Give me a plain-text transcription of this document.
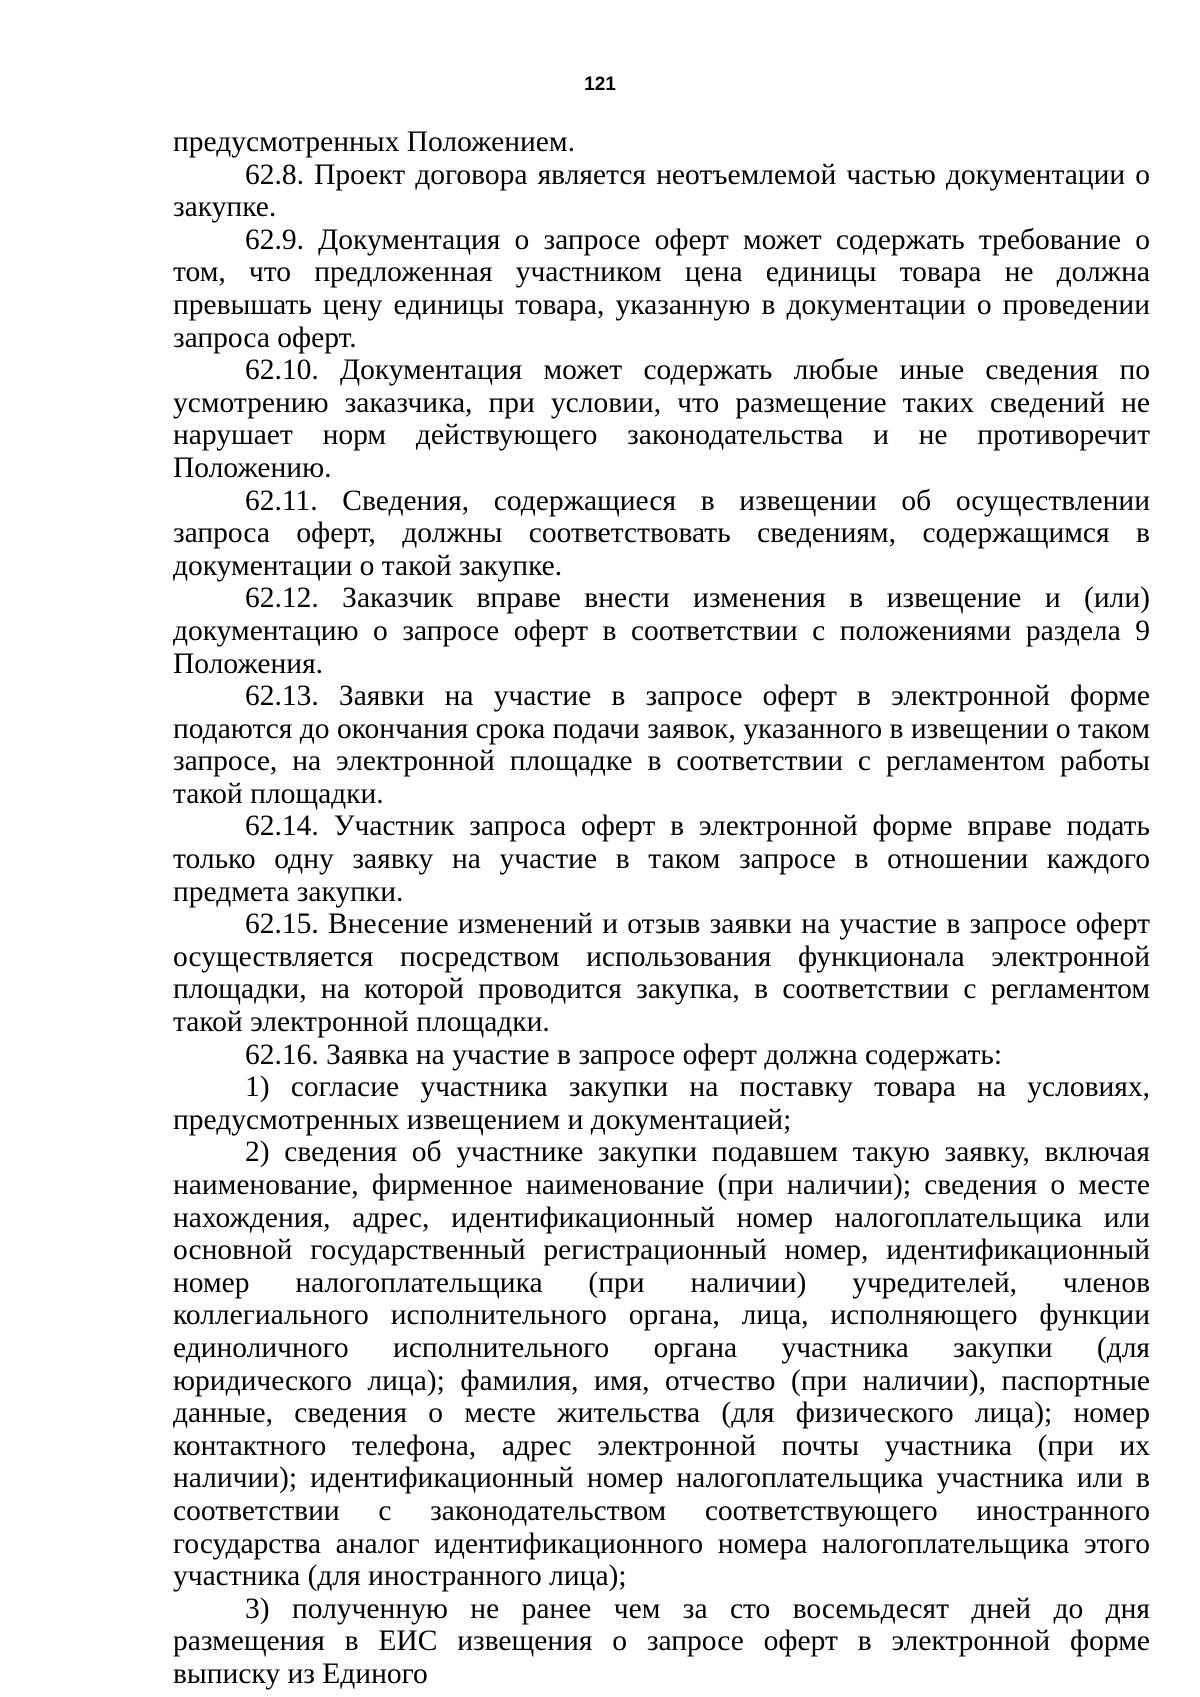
121

предусмотренных Положением.

62.8. Проект договора является неотъемлемой частью документации о закупке.

62.9. Документация о запросе оферт может содержать требование о том, что предложенная участником цена единицы товара не должна превышать цену единицы товара, указанную в документации о проведении запроса оферт.

62.10. Документация может содержать любые иные сведения по усмотрению заказчика, при условии, что размещение таких сведений не нарушает норм действующего законодательства и не противоречит Положению.

62.11. Сведения, содержащиеся в извещении об осуществлении запроса оферт, должны соответствовать сведениям, содержащимся в документации о такой закупке.

62.12. Заказчик вправе внести изменения в извещение и (или) документацию о запросе оферт в соответствии с положениями раздела 9 Положения.

62.13. Заявки на участие в запросе оферт в электронной форме подаются до окончания срока подачи заявок, указанного в извещении о таком запросе, на электронной площадке в соответствии с регламентом работы такой площадки.

62.14. Участник запроса оферт в электронной форме вправе подать только одну заявку на участие в таком запросе в отношении каждого предмета закупки.

62.15. Внесение изменений и отзыв заявки на участие в запросе оферт осуществляется посредством использования функционала электронной площадки, на которой проводится закупка, в соответствии с регламентом такой электронной площадки.

62.16. Заявка на участие в запросе оферт должна содержать:

1) согласие участника закупки на поставку товара на условиях, предусмотренных извещением и документацией;

2) сведения об участнике закупки подавшем такую заявку, включая наименование, фирменное наименование (при наличии); сведения о месте нахождения, адрес, идентификационный номер налогоплательщика или основной государственный регистрационный номер, идентификационный номер налогоплательщика (при наличии) учредителей, членов коллегиального исполнительного органа, лица, исполняющего функции единоличного исполнительного органа участника закупки (для юридического лица); фамилия, имя, отчество (при наличии), паспортные данные, сведения о месте жительства (для физического лица); номер контактного телефона, адрес электронной почты участника (при их наличии); идентификационный номер налогоплательщика участника или в соответствии с законодательством соответствующего иностранного государства аналог идентификационного номера налогоплательщика этого участника (для иностранного лица);

3) полученную не ранее чем за сто восемьдесят дней до дня размещения в ЕИС извещения о запросе оферт в электронной форме выписку из Единого
